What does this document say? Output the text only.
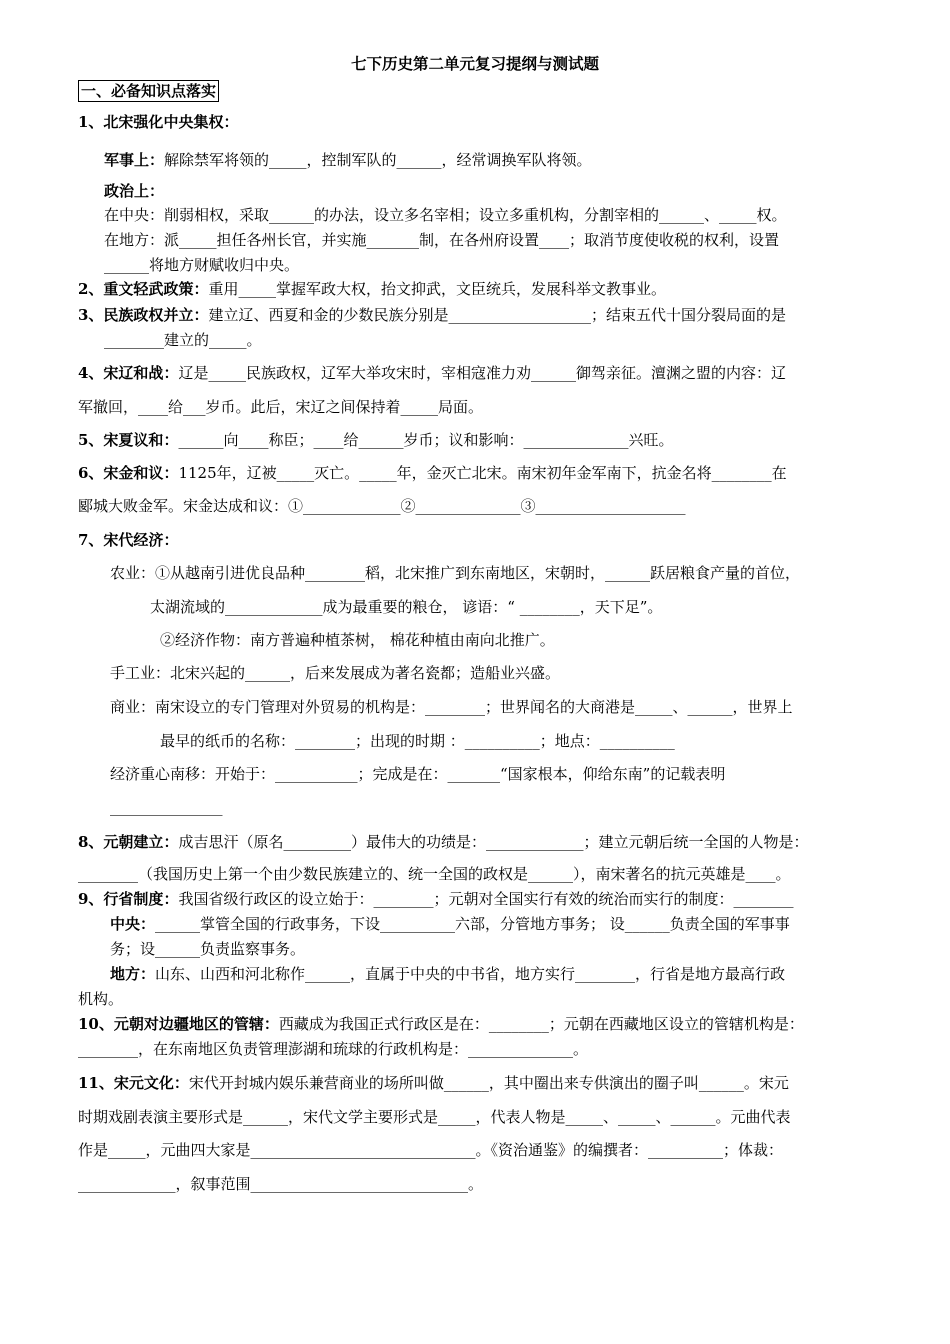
七下历史第二单元复习提纲与测试题
一、必备知识点落实
1、北宋强化中央集权：
军事上：解除禁军将领的_____，控制军队的______，经常调换军队将领。
政治上：
在中央：削弱相权，采取______的办法，设立多名宰相；设立多重机构，分割宰相的______、_____权。
在地方：派_____担任各州长官，并实施_______制，在各州府设置____；取消节度使收税的权利，设置
______将地方财赋收归中央。
2、重文轻武政策：重用_____掌握军政大权，抬文抑武，文臣统兵，发展科举文教事业。
3、民族政权并立：建立辽、西夏和金的少数民族分别是___________________；结束五代十国分裂局面的是
________建立的_____。
4、宋辽和战：辽是_____民族政权，辽军大举攻宋时，宰相寇准力劝______御驾亲征。澶渊之盟的内容：辽
军撤回，____给___岁币。此后，宋辽之间保持着_____局面。
5、宋夏议和：______向____称臣；____给______岁币；议和影响：______________兴旺。
6、宋金和议：1125年，辽被_____灭亡。_____年，金灭亡北宋。南宋初年金军南下，抗金名将________在
郾城大败金军。宋金达成和议：①_____________②______________③____________________
7、宋代经济：
农业：①从越南引进优良品种________稻，北宋推广到东南地区，宋朝时，______跃居粮食产量的首位，
太湖流域的_____________成为最重要的粮仓， 谚语：“ ________，天下足”。
②经济作物：南方普遍种植茶树， 棉花种植由南向北推广。
手工业：北宋兴起的______，后来发展成为著名瓷都；造船业兴盛。
商业：南宋设立的专门管理对外贸易的机构是：________；世界闻名的大商港是_____、______，世界上
最早的纸币的名称：________；出现的时期 ：__________；地点：__________
经济重心南移：开始于：___________；完成是在：_______“国家根本，仰给东南”的记载表明
_______________
8、元朝建立：成吉思汗（原名_________）最伟大的功绩是：_____________；建立元朝后统一全国的人物是：
________（我国历史上第一个由少数民族建立的、统一全国的政权是______），南宋著名的抗元英雄是____。
9、行省制度：我国省级行政区的设立始于：________；元朝对全国实行有效的统治而实行的制度：________
中央：______掌管全国的行政事务，下设__________六部，分管地方事务； 设______负责全国的军事事
务；设______负责监察事务。
地方：山东、山西和河北称作______，直属于中央的中书省，地方实行________，行省是地方最高行政
机构。
10、元朝对边疆地区的管辖：西藏成为我国正式行政区是在：________；元朝在西藏地区设立的管辖机构是：
________，在东南地区负责管理澎湖和琉球的行政机构是：______________。
11、宋元文化：宋代开封城内娱乐兼营商业的场所叫做______，其中圈出来专供演出的圈子叫______。宋元
时期戏剧表演主要形式是______，宋代文学主要形式是_____，代表人物是_____、_____、______。元曲代表
作是_____，元曲四大家是______________________________。《资治通鉴》的编撰者：__________；体裁：
_____________，叙事范围_____________________________。
